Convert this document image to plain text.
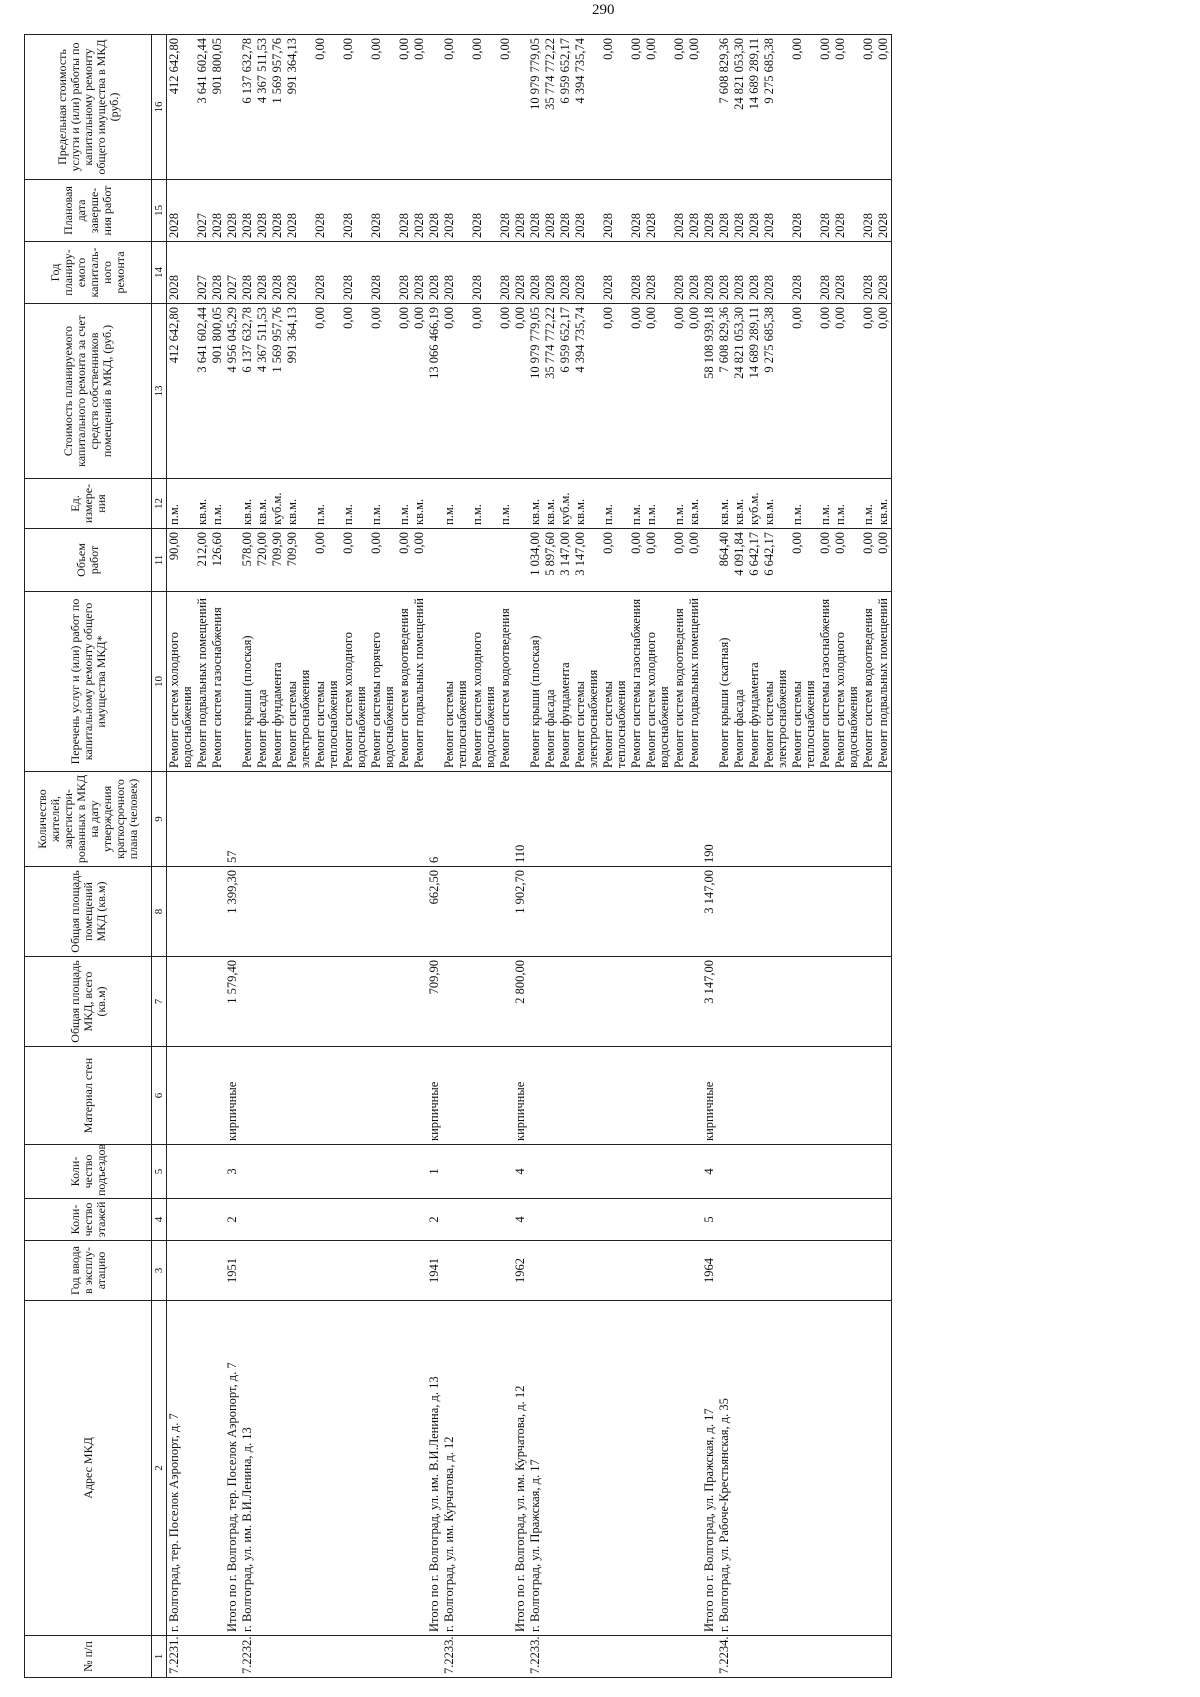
290
№ п/п	Адрес МКД	Год ввода в эксплу-атацию	Коли-чество этажей	Коли-чество подъездов	Материал стен	Общая площадь МКД, всего (кв.м)	Общая площадь помещений МКД (кв.м)	Количество жителей, зарегистри-рованных в МКД на дату утверждения краткосрочного плана (человек)	Перечень услуг и (или) работ по капитальному ремонту общего имущества МКД*	Объем работ	Ед. измере-ния	Стоимость планируемого капитального ремонта за счет средств собственников помещений в МКД, (руб.)	Год планиру-емого капиталь-ного ремонта	Плановая дата заверше-ния работ	Предельная стоимость услуги и (или) работы по капитальному ремонту общего имущества в МКД (руб.)
1	2	3	4	5	6	7	8	9	10	11	12	13	14	15	16
7.2231.	г. Волгоград, тер. Поселок Аэропорт, д. 7								Ремонт систем холодного водоснабжения	90,00	п.м.	412 642,80	2028	2028	412 642,80
									Ремонт подвальных помещений	212,00	кв.м.	3 641 602,44	2027	2027	3 641 602,44
									Ремонт систем газоснабжения	126,60	п.м.	901 800,05	2028	2028	901 800,05
	Итого по г. Волгоград, тер. Поселок Аэропорт, д. 7	1951	2	3	кирпичные	1 579,40	1 399,30	57				4 956 045,29	2027	2028	
7.2232.	г. Волгоград, ул. им. В.И.Ленина, д. 13								Ремонт крыши (плоская)	578,00	кв.м.	6 137 632,78	2028	2028	6 137 632,78
									Ремонт фасада	720,00	кв.м.	4 367 511,53	2028	2028	4 367 511,53
									Ремонт фундамента	709,90	куб.м.	1 569 957,76	2028	2028	1 569 957,76
									Ремонт системы электроснабжения	709,90	кв.м.	991 364,13	2028	2028	991 364,13
									Ремонт системы теплоснабжения	0,00	п.м.	0,00	2028	2028	0,00
									Ремонт систем холодного водоснабжения	0,00	п.м.	0,00	2028	2028	0,00
									Ремонт системы горячего водоснабжения	0,00	п.м.	0,00	2028	2028	0,00
									Ремонт систем водоотведения	0,00	п.м.	0,00	2028	2028	0,00
									Ремонт подвальных помещений	0,00	кв.м.	0,00	2028	2028	0,00
	Итого по г. Волгоград, ул. им. В.И.Ленина, д. 13	1941	2	1	кирпичные	709,90	662,50	6				13 066 466,19	2028	2028	
7.2233.	г. Волгоград, ул. им. Курчатова, д. 12								Ремонт системы теплоснабжения		п.м.	0,00	2028	2028	0,00
									Ремонт систем холодного водоснабжения		п.м.	0,00	2028	2028	0,00
									Ремонт систем водоотведения		п.м.	0,00	2028	2028	0,00
	Итого по г. Волгоград, ул. им. Курчатова, д. 12	1962	4	4	кирпичные	2 800,00	1 902,70	110				0,00	2028	2028	
7.2233.	г. Волгоград, ул. Пражская, д. 17								Ремонт крыши (плоская)	1 034,00	кв.м.	10 979 779,05	2028	2028	10 979 779,05
									Ремонт фасада	5 897,60	кв.м.	35 774 772,22	2028	2028	35 774 772,22
									Ремонт фундамента	3 147,00	куб.м.	6 959 652,17	2028	2028	6 959 652,17
									Ремонт системы электроснабжения	3 147,00	кв.м.	4 394 735,74	2028	2028	4 394 735,74
									Ремонт системы теплоснабжения	0,00	п.м.	0,00	2028	2028	0,00
									Ремонт системы газоснабжения	0,00	п.м.	0,00	2028	2028	0,00
									Ремонт систем холодного водоснабжения	0,00	п.м.	0,00	2028	2028	0,00
									Ремонт систем водоотведения	0,00	п.м.	0,00	2028	2028	0,00
									Ремонт подвальных помещений	0,00	кв.м.	0,00	2028	2028	0,00
	Итого по г. Волгоград, ул. Пражская, д. 17	1964	5	4	кирпичные	3 147,00	3 147,00	190				58 108 939,18	2028	2028	
7.2234.	г. Волгоград, ул. Рабоче-Крестьянская, д. 35								Ремонт крыши (скатная)	864,40	кв.м.	7 608 829,36	2028	2028	7 608 829,36
									Ремонт фасада	4 091,84	кв.м.	24 821 053,30	2028	2028	24 821 053,30
									Ремонт фундамента	6 642,17	куб.м.	14 689 289,11	2028	2028	14 689 289,11
									Ремонт системы электроснабжения	6 642,17	кв.м.	9 275 685,38	2028	2028	9 275 685,38
									Ремонт системы теплоснабжения	0,00	п.м.	0,00	2028	2028	0,00
									Ремонт системы газоснабжения	0,00	п.м.	0,00	2028	2028	0,00
									Ремонт систем холодного водоснабжения	0,00	п.м.	0,00	2028	2028	0,00
									Ремонт систем водоотведения	0,00	п.м.	0,00	2028	2028	0,00
									Ремонт подвальных помещений	0,00	кв.м.	0,00	2028	2028	0,00
